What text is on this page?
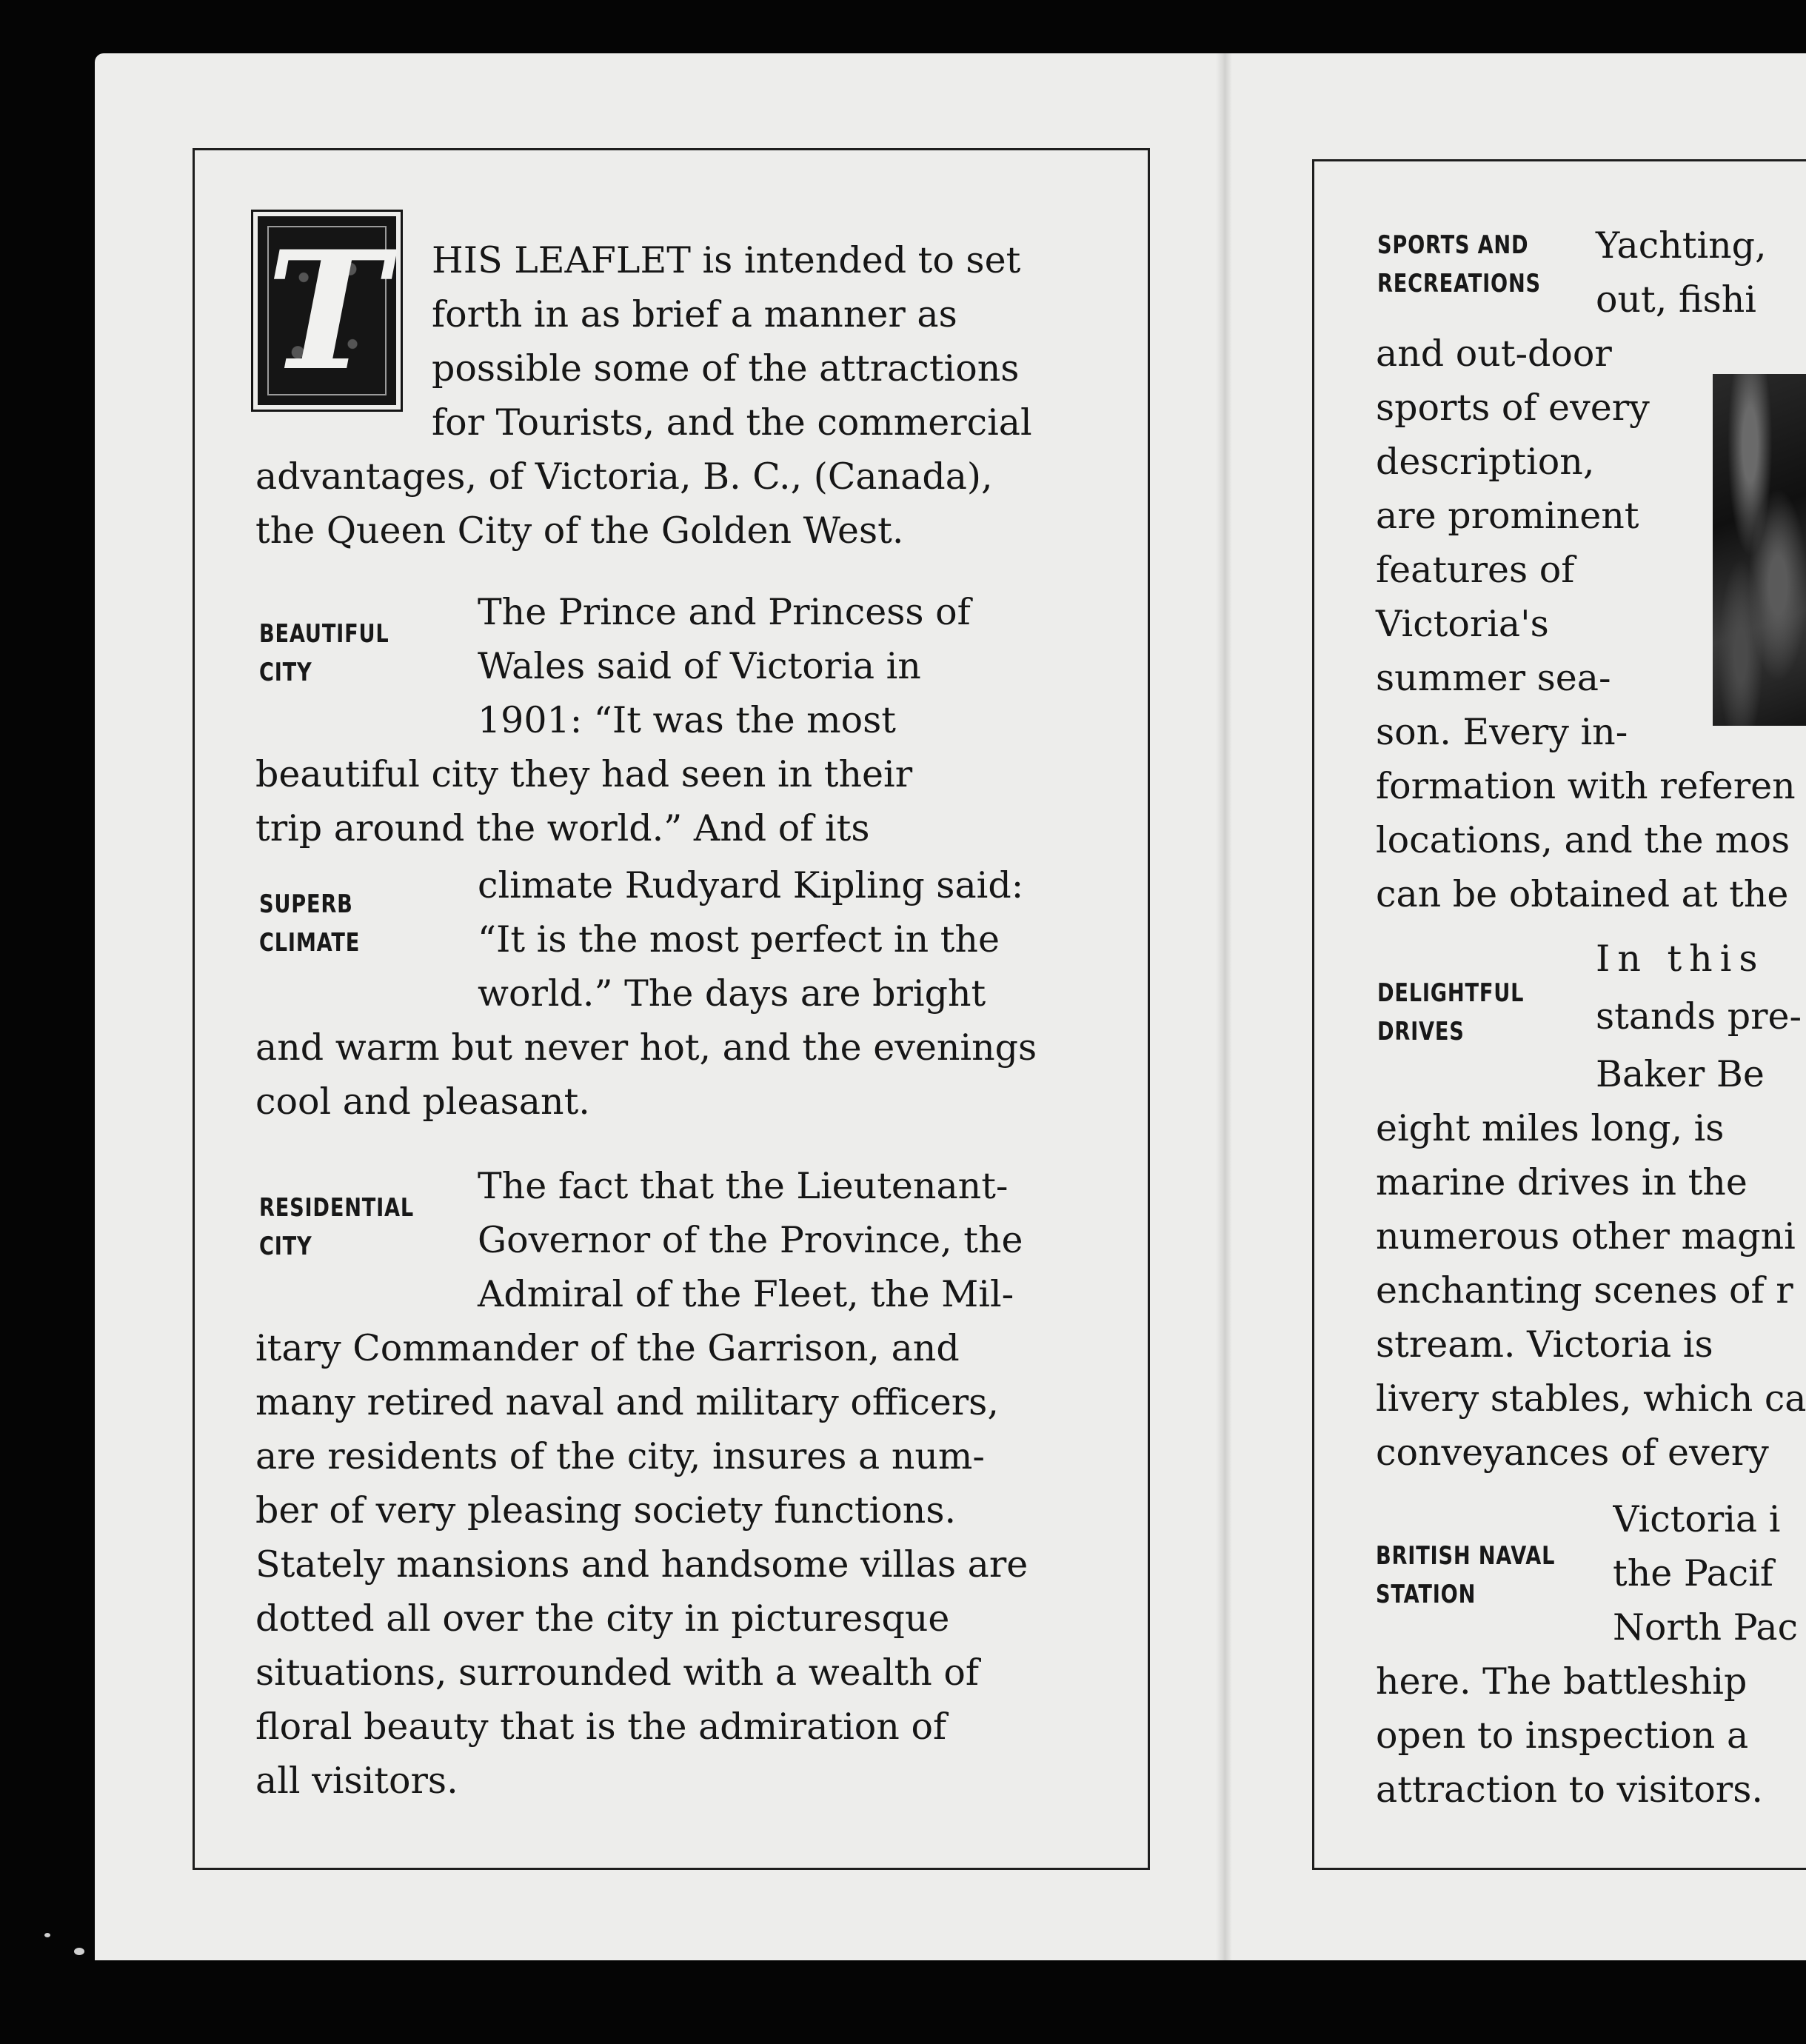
T HIS LEAFLET is intended to set

forth in as brief a manner as

possible some of the attractions

for Tourists, and the commercial

advantages, of Victoria, B. C., (Canada),

the Queen City of the Golden West.

BEAUTIFUL
CITY

The Prince and Princess of

Wales said of Victoria in

1901: “It was the most

beautiful city they had seen in their

trip around the world.” And of its

SUPERB
CLIMATE

climate Rudyard Kipling said:

“It is the most perfect in the

world.” The days are bright

and warm but never hot, and the evenings

cool and pleasant.

RESIDENTIAL
CITY

The fact that the Lieutenant-

Governor of the Province, the

Admiral of the Fleet, the Mil-

itary Commander of the Garrison, and

many retired naval and military officers,

are residents of the city, insures a num-

ber of very pleasing society functions.

Stately mansions and handsome villas are

dotted all over the city in picturesque

situations, surrounded with a wealth of

floral beauty that is the admiration of

all visitors.

SPORTS AND
RECREATIONS

Yachting,

out, fishi

and out-door

sports of every

description,

are prominent

features of

Victoria's

summer sea-

son. Every in-

formation with referen

locations, and the mos

can be obtained at the

DELIGHTFUL
DRIVES

In this

stands pre-

Baker Be

eight miles long, is

marine drives in the

numerous other magni

enchanting scenes of r

stream. Victoria is

livery stables, which ca

conveyances of every

BRITISH NAVAL
STATION

Victoria i

the Pacif

North Pac

here. The battleship

open to inspection a

attraction to visitors.
